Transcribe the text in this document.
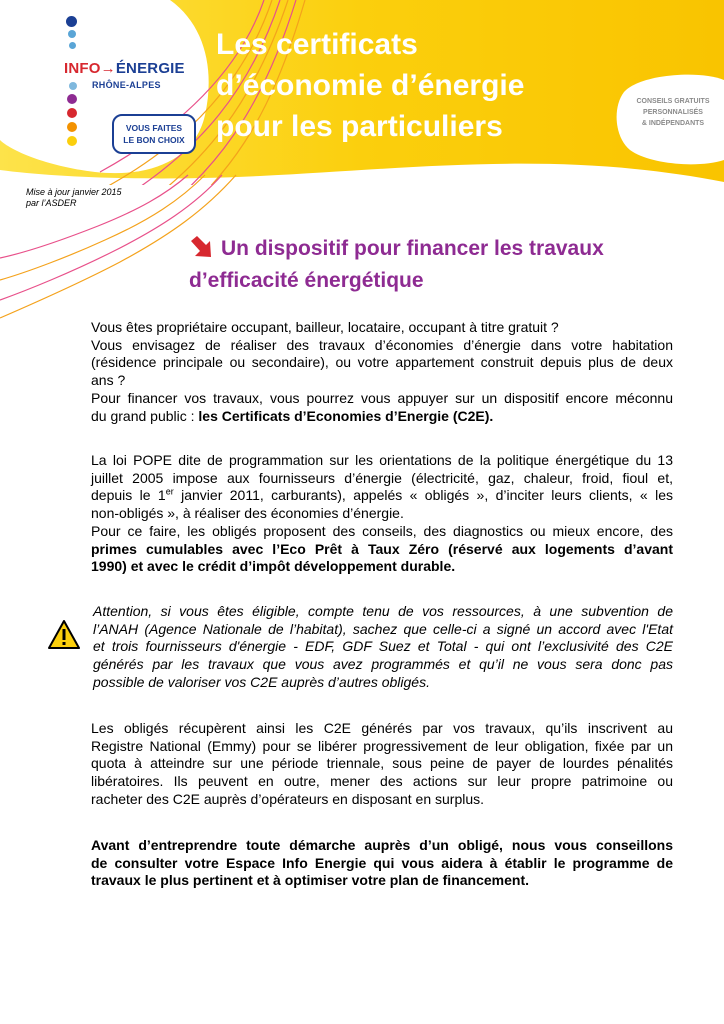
INFO→ÉNERGIE
RHÔNE-ALPES
VOUS FAITES
LE BON CHOIX
Les certificats
d’économie d’énergie
pour les particuliers
CONSEILS GRATUITS
PERSONNALISÉS
& INDÉPENDANTS
Mise à jour janvier 2015
par l’ASDER
Un dispositif pour financer les travaux
d’efficacité énergétique
Vous êtes propriétaire occupant, bailleur, locataire, occupant à titre gratuit ?
Vous envisagez de réaliser des travaux d’économies d’énergie dans votre habitation
(résidence principale ou secondaire), ou votre appartement construit depuis plus de deux
ans ?
Pour financer vos travaux, vous pourrez vous appuyer sur un dispositif encore méconnu
du grand public : les Certificats d’Economies d’Energie (C2E).
La loi POPE dite de programmation sur les orientations de la politique énergétique du 13
juillet 2005 impose aux fournisseurs d’énergie (électricité, gaz, chaleur, froid, fioul et,
depuis le 1er janvier 2011, carburants), appelés « obligés », d’inciter leurs clients, « les
non-obligés », à réaliser des économies d’énergie.
Pour ce faire, les obligés proposent des conseils, des diagnostics ou mieux encore, des
primes cumulables avec l’Eco Prêt à Taux Zéro (réservé aux logements d’avant
1990) et avec le crédit d’impôt développement durable.
Attention, si vous êtes éligible, compte tenu de vos ressources, à une subvention de
l’ANAH (Agence Nationale de l’habitat), sachez que celle-ci a signé un accord avec l'Etat
et trois fournisseurs d'énergie - EDF, GDF Suez et Total - qui ont l’exclusivité des C2E
générés par les travaux que vous avez programmés et qu’il ne vous sera donc pas
possible de valoriser vos C2E auprès d’autres obligés.
Les obligés récupèrent ainsi les C2E générés par vos travaux, qu’ils inscrivent au
Registre National (Emmy) pour se libérer progressivement de leur obligation, fixée par un
quota à atteindre sur une période triennale, sous peine de payer de lourdes pénalités
libératoires. Ils peuvent en outre, mener des actions sur leur propre patrimoine ou
racheter des C2E auprès d’opérateurs en disposant en surplus.
Avant d’entreprendre toute démarche auprès d’un obligé, nous vous conseillons
de consulter votre Espace Info Energie qui vous aidera à établir le programme de
travaux le plus pertinent et à optimiser votre plan de financement.
